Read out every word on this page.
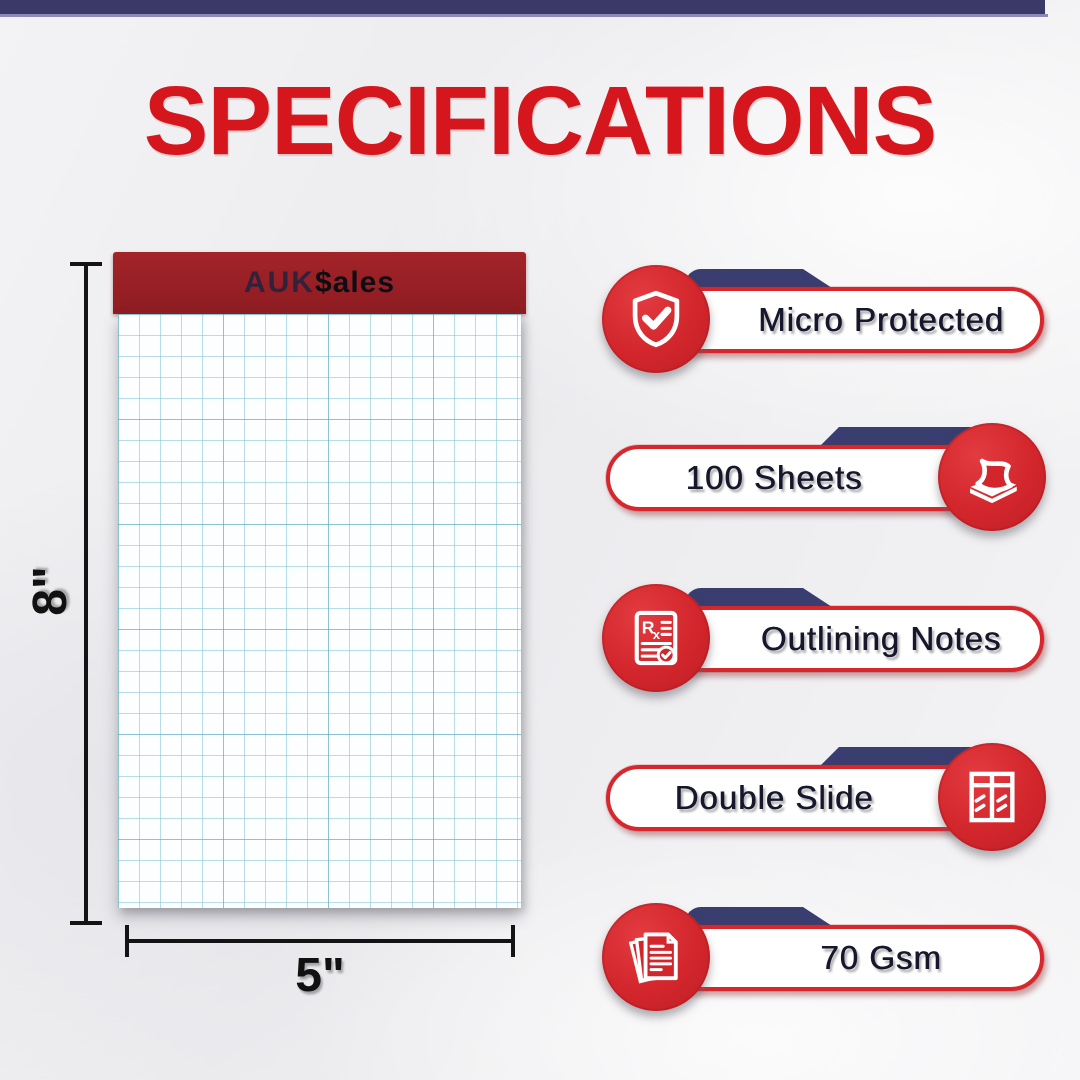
SPECIFICATIONS
AUK$ales
8"
5"
Micro Protected
100 Sheets
Outlining Notes
R
x
Double Slide
70 Gsm
